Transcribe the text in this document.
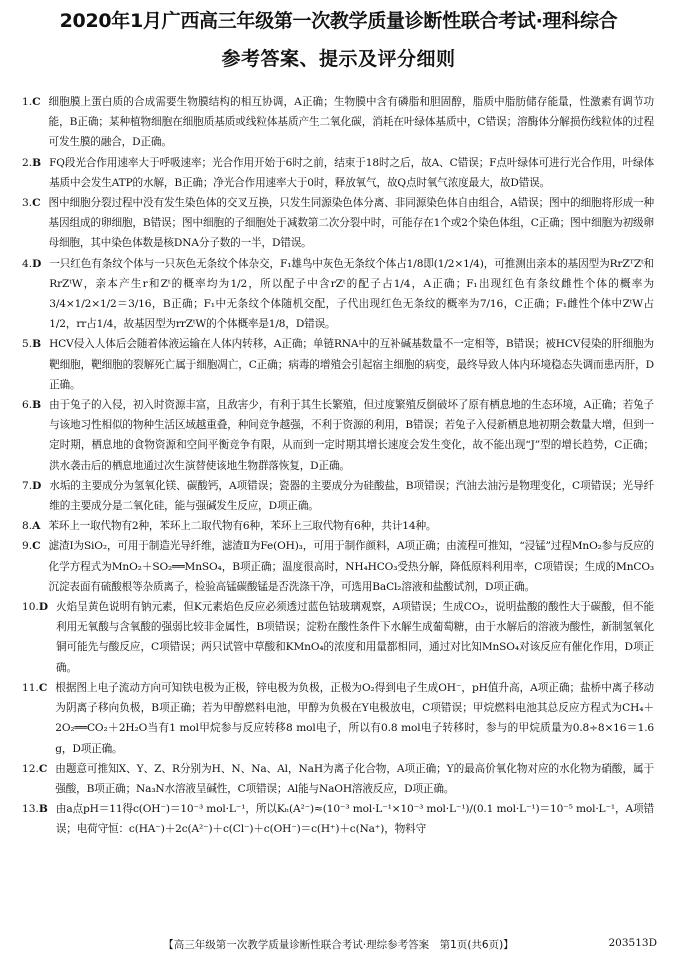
2020年1月广西高三年级第一次教学质量诊断性联合考试·理科综合
参考答案、提示及评分细则
1. C 细胞膜上蛋白质的合成需要生物膜结构的相互协调，A正确；生物膜中含有磷脂和胆固醇，脂质中脂肪储存能量，性激素有调节功能，B正确；某种植物细胞在细胞质基质或线粒体基质产生二氧化碳，消耗在叶绿体基质中，C错误；溶酶体分解损伤线粒体的过程可发生膜的融合，D正确。
2. B FQ段光合作用速率大于呼吸速率；光合作用开始于6时之前，结束于18时之后，故A、C错误；F点叶绿体可进行光合作用，叶绿体基质中会发生ATP的水解，B正确；净光合作用速率大于0时，释放氧气，故Q点时氧气浓度最大，故D错误。
3. C 图中细胞分裂过程中没有发生染色体的交叉互换，只发生同源染色体分离、非同源染色体自由组合，A错误；图中的细胞将形成一种基因组成的卵细胞，B错误；图中细胞的子细胞处于减数第二次分裂中时，可能存在1个或2个染色体组，C正确；图中细胞为初级卵母细胞，其中染色体数是核DNA分子数的一半，D错误。
4. D 一只红色有条纹个体与一只灰色无条纹个体杂交，F₁雄鸟中灰色无条纹个体占1/8即(1/2×1/4)，可推测出亲本的基因型为RrZᵀZᵗ和RrZᵗW，亲本产生r和Zᵗ的概率均为1/2，所以配子中含rZᵗ的配子占1/4，A正确；F₁出现红色有条纹雌性个体的概率为3/4×1/2×1/2＝3/16，B正确；F₁中无条纹个体随机交配，子代出现红色无条纹的概率为7/16，C正确；F₁雌性个体中ZᵗW占1/2，rr占1/4，故基因型为rrZᵗW的个体概率是1/8，D错误。
5. B HCV侵入人体后会随着体液运输在人体内转移，A正确；单链RNA中的互补碱基数量不一定相等，B错误；被HCV侵染的肝细胞为靶细胞，靶细胞的裂解死亡属于细胞凋亡，C正确；病毒的增殖会引起宿主细胞的病变，最终导致人体内环境稳态失调而患丙肝，D正确。
6. B 由于兔子的入侵，初入时资源丰富，且敌害少，有利于其生长繁殖，但过度繁殖反倒破坏了原有栖息地的生态环境，A正确；若兔子与该地习性相似的物种生活区域越重叠，种间竞争越强，不利于资源的利用，B错误；若兔子入侵新栖息地初期会数量大增，但到一定时期，栖息地的食物资源和空间平衡竞争有限，从而到一定时期其增长速度会发生变化，故不能出现“J”型的增长趋势，C正确；洪水袭击后的栖息地通过次生演替使该地生物群落恢复，D正确。
7. D 水垢的主要成分为氢氧化镁、碳酸钙，A项错误；瓷器的主要成分为硅酸盐，B项错误；汽油去油污是物理变化，C项错误；光导纤维的主要成分是二氧化硅，能与强碱发生反应，D项正确。
8. A 苯环上一取代物有2种，苯环上二取代物有6种，苯环上三取代物有6种，共计14种。
9. C 滤渣Ⅰ为SiO₂，可用于制造光导纤维，滤渣Ⅱ为Fe(OH)₃，可用于制作颜料，A项正确；由流程可推知，“浸锰”过程MnO₂参与反应的化学方程式为MnO₂＋SO₂══MnSO₄，B项正确；温度很高时，NH₄HCO₃受热分解，降低原料利用率，C项错误；生成的MnCO₃沉淀表面有硫酸根等杂质离子，检验高锰碳酸锰是否洗涤干净，可选用BaCl₂溶液和盐酸试剂，D项正确。
10. D 火焰呈黄色说明有钠元素，但K元素焰色反应必须透过蓝色钴玻璃观察，A项错误；生成CO₂，说明盐酸的酸性大于碳酸，但不能利用无氧酸与含氧酸的强弱比较非金属性，B项错误；淀粉在酸性条件下水解生成葡萄糖，由于水解后的溶液为酸性，新制氢氧化铜可能先与酸反应，C项错误；两只试管中草酸和KMnO₄的浓度和用量都相同，通过对比知MnSO₄对该反应有催化作用，D项正确。
11. C 根据图上电子流动方向可知铁电极为正极，锌电极为负极，正极为O₂得到电子生成OH⁻，pH值升高，A项正确；盐桥中离子移动为阴离子移向负极，B项正确；若为甲醇燃料电池，甲醇为负极在Y电极放电，C项错误；甲烷燃料电池其总反应方程式为CH₄＋2O₂══CO₂＋2H₂O当有1 mol甲烷参与反应转移8 mol电子，所以有0.8 mol电子转移时，参与的甲烷质量为0.8÷8×16＝1.6 g，D项正确。
12. C 由题意可推知X、Y、Z、R分别为H、N、Na、Al，NaH为离子化合物，A项正确；Y的最高价氧化物对应的水化物为硝酸，属于强酸，B项正确；Na₃N水溶液呈碱性，C项错误；Al能与NaOH溶液反应，D项正确。
13. B 由a点pH＝11得c(OH⁻)＝10⁻³ mol·L⁻¹，所以Kₕ(A²⁻)≈(10⁻³ mol·L⁻¹×10⁻³ mol·L⁻¹)/(0.1 mol·L⁻¹)＝10⁻⁵ mol·L⁻¹，A项错误；电荷守恒：c(HA⁻)＋2c(A²⁻)＋c(Cl⁻)＋c(OH⁻)＝c(H⁺)＋c(Na⁺)，物料守
【高三年级第一次教学质量诊断性联合考试·理综参考答案　第1页(共6页)】	203513D
